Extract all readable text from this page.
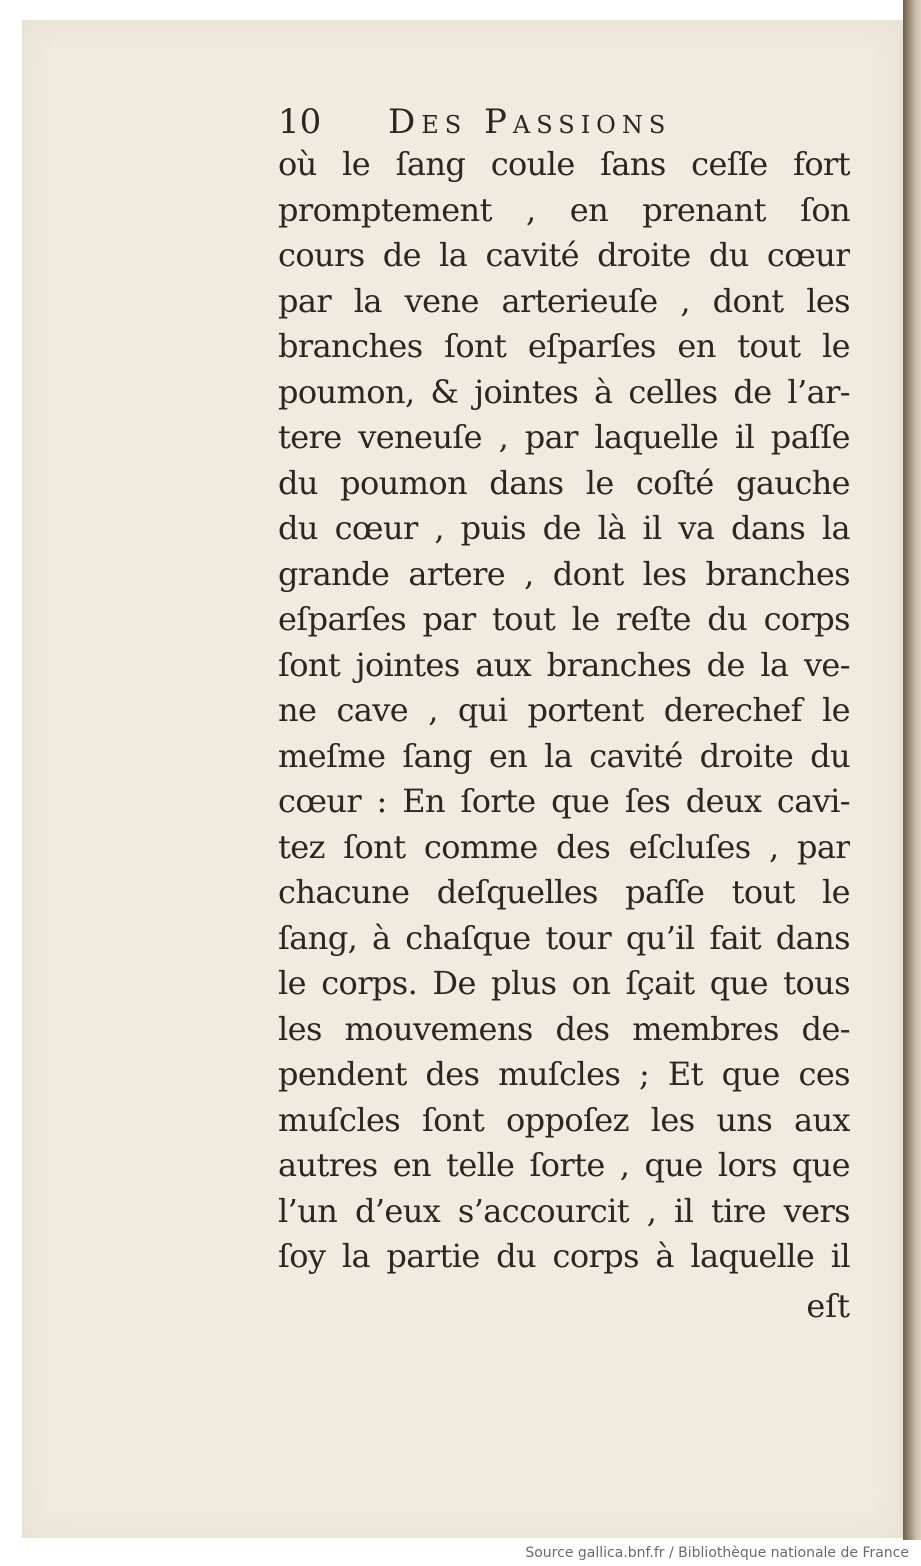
10 Des Passions
où le ſang coule ſans ceſſe fort
promptement , en prenant ſon
cours de la cavité droite du cœur
par la vene arterieuſe , dont les
branches ſont eſparſes en tout le
poumon, & jointes à celles de l’ar-
tere veneuſe , par laquelle il paſſe
du poumon dans le coſté gauche
du cœur , puis de là il va dans la
grande artere , dont les branches
eſparſes par tout le reſte du corps
ſont jointes aux branches de la ve-
ne cave , qui portent derechef le
meſme ſang en la cavité droite du
cœur : En ſorte que ſes deux cavi-
tez ſont comme des eſcluſes , par
chacune deſquelles paſſe tout le
ſang, à chaſque tour qu’il fait dans
le corps. De plus on ſçait que tous
les mouvemens des membres de-
pendent des muſcles ; Et que ces
muſcles ſont oppoſez les uns aux
autres en telle ſorte , que lors que
l’un d’eux s’accourcit , il tire vers
ſoy la partie du corps à laquelle il
eſt
Source gallica.bnf.fr / Bibliothèque nationale de France
